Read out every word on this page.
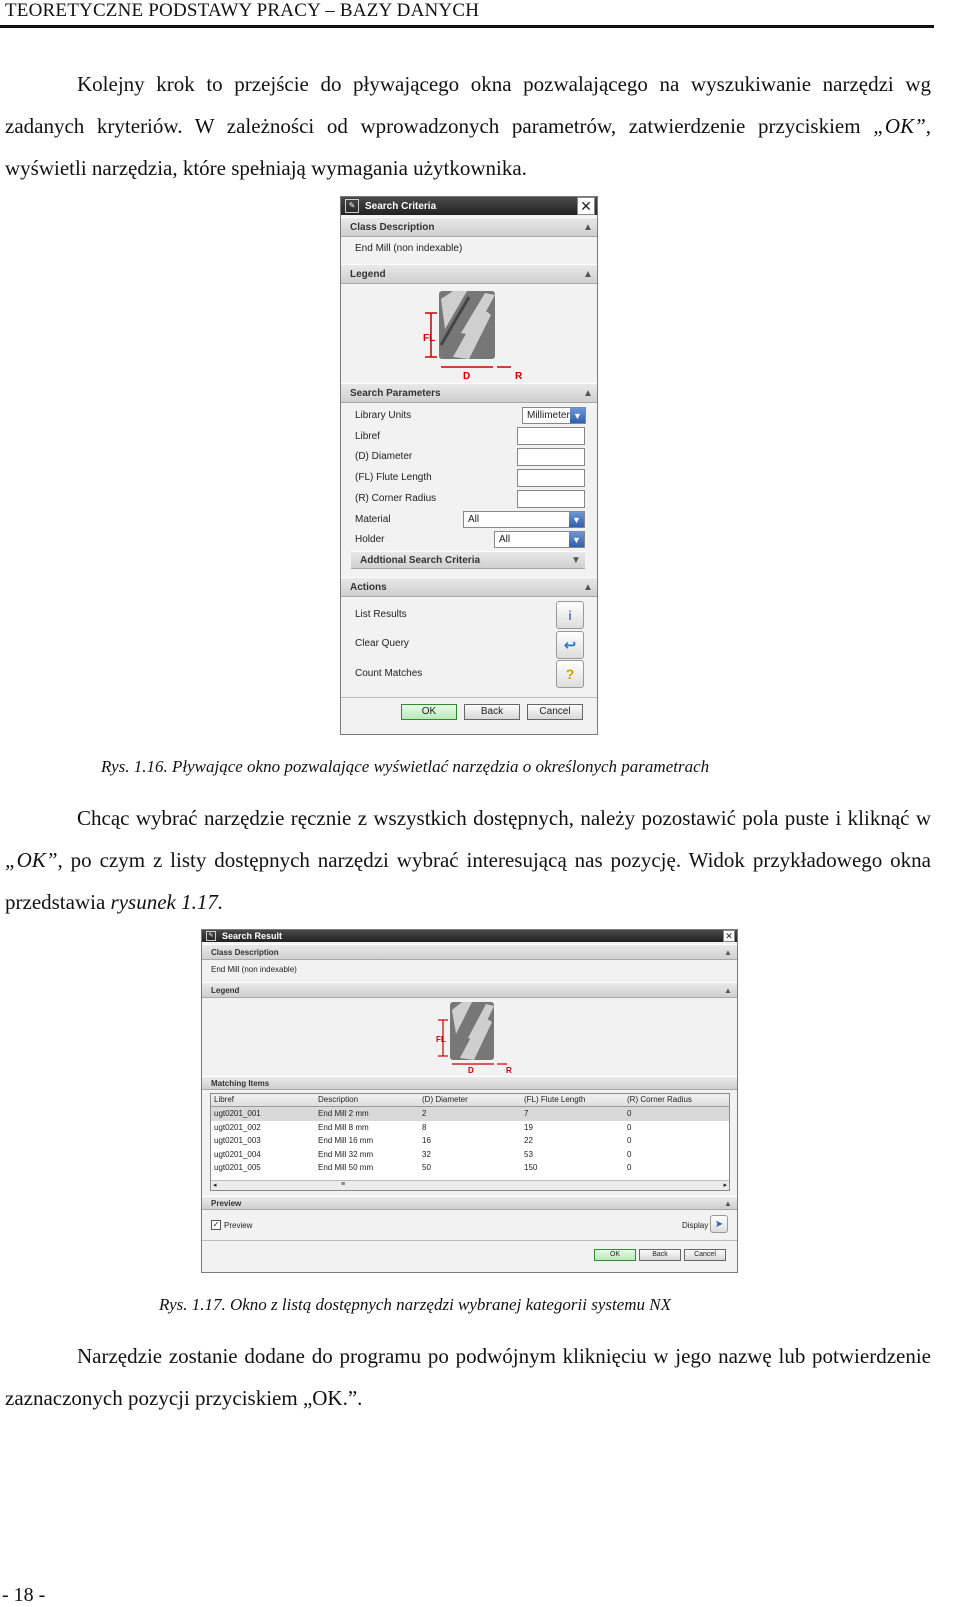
TEORETYCZNE PODSTAWY PRACY – BAZY DANYCH

Kolejny krok to przejście do pływającego okna pozwalającego na wyszukiwanie narzędzi wg zadanych kryteriów. W zależności od wprowadzonych parametrów, zatwierdzenie przyciskiem „OK”, wyświetli narzędzia, które spełniają wymagania użytkownika.

✎ Search Criteria	✕
Class Description	▲
End Mill (non indexable)
Legend	▲
FL
D	R
Search Parameters	▲
Library Units	Millimeter ▼
Libref
(D) Diameter
(FL) Flute Length
(R) Corner Radius
Material	All	▼
Holder	All	▼
Addtional Search Criteria	▼
Actions	▲
List Results	i
Clear Query	↩
Count Matches	?
OK	Back	Cancel
Rys. 1.16. Pływające okno pozwalające wyświetlać narzędzia o określonych parametrach

Chcąc wybrać narzędzie ręcznie z wszystkich dostępnych, należy pozostawić pola puste i kliknąć w „OK”, po czym z listy dostępnych narzędzi wybrać interesującą nas pozycję. Widok przykładowego okna przedstawia rysunek 1.17.

✎ Search Result	✕
Class Description	▲
End Mill (non indexable)
Legend	▲
FL
D	R
Matching Items
Libref	Description	(D) Diameter	(FL) Flute Length	(R) Corner Radius
ugt0201_001	End Mill 2 mm	2	7	0
ugt0201_002	End Mill 8 mm	8	19	0
ugt0201_003	End Mill 16 mm	16	22	0
ugt0201_004	End Mill 32 mm	32	53	0
ugt0201_005	End Mill 50 mm	50	150	0
◂	≡	▸
Preview	▲
✓ Preview	Display ➤
OK	Back	Cancel
Rys. 1.17. Okno z listą dostępnych narzędzi wybranej kategorii systemu NX

Narzędzie zostanie dodane do programu po podwójnym kliknięciu w jego nazwę lub potwierdzenie zaznaczonych pozycji przyciskiem „OK.”.

- 18 -
